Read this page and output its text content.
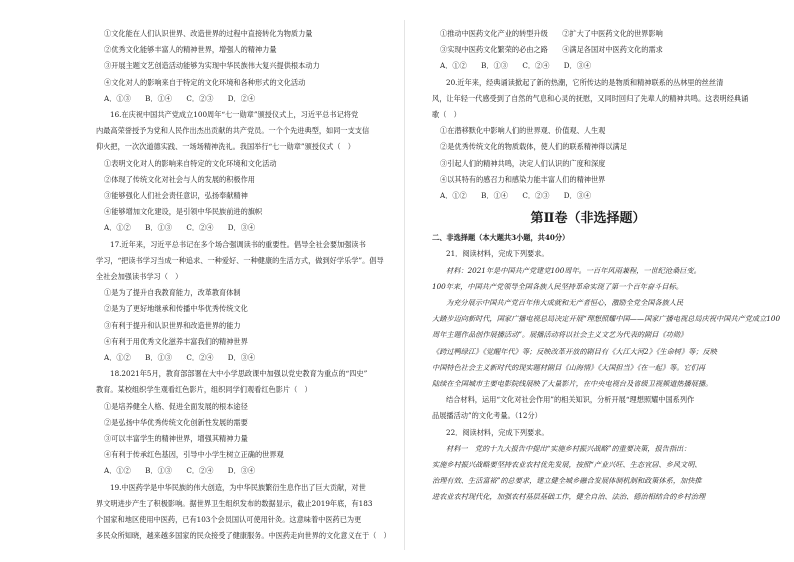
①文化能在人们认识世界、改造世界的过程中直接转化为物质力量
②优秀文化能够丰富人的精神世界，增强人的精神力量
③开展主题文艺创造活动能够为实现中华民族伟大复兴提供根本动力
④文化对人的影响来自于特定的文化环境和各种形式的文化活动
A．①③　　B．①④　　C．②③　　D．②④
16.在庆祝中国共产党成立100周年“七一勋章”颁授仪式上，习近平总书记将党
内最高荣誉授予为党和人民作出杰出贡献的共产党员。一个个先进典型，如同一支支信
仰火把，一次次道德实践、一场场精神洗礼。我国举行“七一勋章”颁授仪式（　）
①表明文化对人的影响来自特定的文化环境和文化活动
②体现了传统文化对社会与人的发展的积极作用
③能够强化人们社会责任意识，弘扬奉献精神
④能够增加文化建设，是引领中华民族前进的旗帜
A．①②　　B．①③　　C．②④　　D．③④
17.近年来，习近平总书记在多个场合强调读书的重要性。倡导全社会要加强读书
学习，“把读书学习当成一种追求、一种爱好、一种健康的生活方式，做到好学乐学”。倡导
全社会加强读书学习（　）
①是为了提升自我教育能力，改革教育体制
②是为了更好地继承和传播中华优秀传统文化
③有利于提升和认识世界和改造世界的能力
④有利于用优秀文化滋养丰富我们的精神世界
A．①②　　B．①③　　C．②④　　D．③④
18.2021年5月，教育部部署在大中小学思政课中加强以党史教育为重点的“四史”
教育。某校组织学生观看红色影片，组织同学们观看红色影片（　）
①是培养健全人格、促进全面发展的根本途径
②是弘扬中华优秀传统文化创新性发展的需要
③可以丰富学生的精神世界，增强其精神力量
④有利于传承红色基因，引导中小学生树立正确的世界观
A．①②　　B．①③　　C．②④　　D．③④
19.中医药学是中华民族的伟大创造，为中华民族繁衍生息作出了巨大贡献，对世
界文明进步产生了积极影响。据世界卫生组织发布的数据显示，截止2019年底，有183
个国家和地区使用中医药，已有103个会员国认可使用针灸。这意味着中医药已为更
多民众所知晓，越来越多国家的民众接受了健康服务。中医药走向世界的文化意义在于（　）
①推动中医药文化产业的转型升级　　②扩大了中医药文化的世界影响
③实现中医药文化繁荣的必由之路　　④满足各国对中医药文化的需求
A．①②　　B．①③　　C．②④　　D．③④
20.近年来，经典诵读掀起了新的热潮，它所传达的是物质和精神联系的丛林里的丝丝清
风，让年轻一代感受到了自然的气息和心灵的抚慰，又同时回归了先辈人的精神共鸣。这表明经典诵
歌（　）
①在潜移默化中影响人们的世界观、价值观、人生观
②是优秀传统文化的物质载体，使人们的联系精神得以满足
③引起人们的精神共鸣，决定人们认识的广度和深度
④以其特有的感召力和感染力能丰富人们的精神世界
A．①②　　B．①④　　C．②③　　D．③④
第Ⅱ卷（非选择题）
二、非选择题（本大题共3小题，共40分）
21．阅读材料，完成下列要求。
材料：2021年是中国共产党建党100周年。一百年风雨兼程，一世纪沧桑巨变。
100年来，中国共产党领导全国各族人民坚持革命实现了第一个百年奋斗目标。
为充分展示中国共产党百年伟大成就和无产者恒心，激励全党全国各族人民
大踏步迈向新时代，国家广播电视总局决定开展“理想照耀中国——国家广播电视总局庆祝中国共产党成立100
周年主题作品创作展播活动”。展播活动将以社会主义文艺为代表的剧目《功勋》
《跨过鸭绿江》《觉醒年代》等；反映改革开放的剧目有《大江大河2》《生命树》等；反映
中国特色社会主义新时代的现实题材剧目《山海情》《大国担当》《在一起》等。它们再
陆续在全国城市主要电影院线展映了大量影片，在中央电视台及省级卫视频道热播展播。
结合材料，运用“文化对社会作用”的相关知识，分析开展“理想照耀中国系列作
品展播活动”的文化考量。（12分）
22．阅读材料，完成下列要求。
材料一　党的十九大报告中提出“实施乡村振兴战略”的重要决策，报告指出：
实施乡村振兴战略要坚持农业农村优先发展，按照“产业兴旺、生态宜居、乡风文明、
治理有效、生活富裕”的总要求，建立健全城乡融合发展体制机制和政策体系，加快推
进农业农村现代化，加强农村基层基础工作，健全自治、法治、德治相结合的乡村治理
